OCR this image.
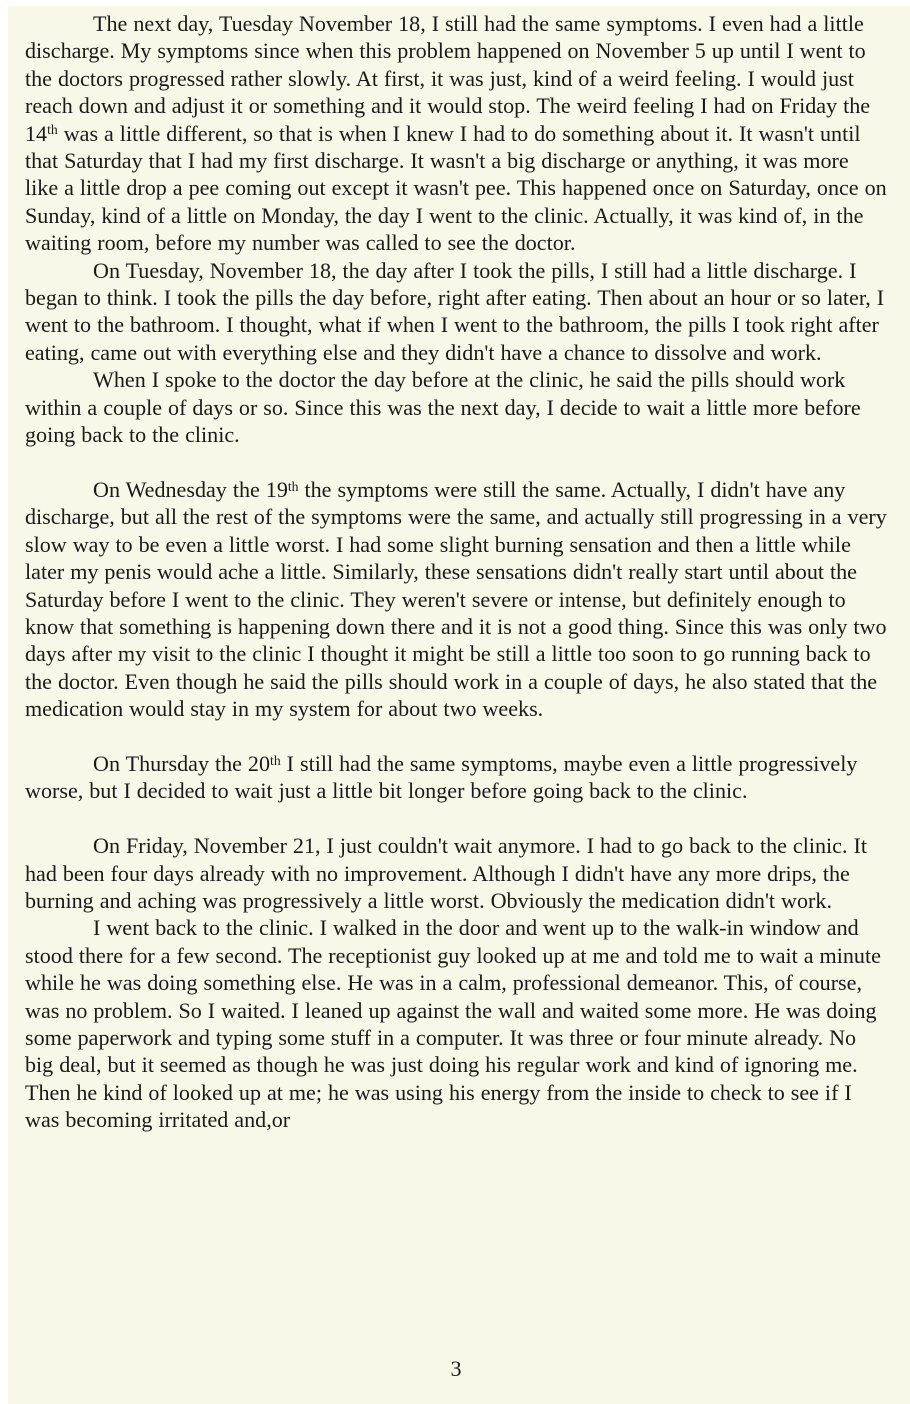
The next day, Tuesday November 18, I still had the same symptoms. I even had a little discharge. My symptoms since when this problem happened on November 5 up until I went to the doctors progressed rather slowly. At first, it was just, kind of a weird feeling. I would just reach down and adjust it or something and it would stop. The weird feeling I had on Friday the 14th was a little different, so that is when I knew I had to do something about it. It wasn't until that Saturday that I had my first discharge. It wasn't a big discharge or anything, it was more like a little drop a pee coming out except it wasn't pee. This happened once on Saturday, once on Sunday, kind of a little on Monday, the day I went to the clinic. Actually, it was kind of, in the waiting room, before my number was called to see the doctor.

On Tuesday, November 18, the day after I took the pills, I still had a little discharge. I began to think. I took the pills the day before, right after eating. Then about an hour or so later, I went to the bathroom. I thought, what if when I went to the bathroom, the pills I took right after eating, came out with everything else and they didn't have a chance to dissolve and work.

When I spoke to the doctor the day before at the clinic, he said the pills should work within a couple of days or so. Since this was the next day, I decide to wait a little more before going back to the clinic.

On Wednesday the 19th the symptoms were still the same. Actually, I didn't have any discharge, but all the rest of the symptoms were the same, and actually still progressing in a very slow way to be even a little worst. I had some slight burning sensation and then a little while later my penis would ache a little. Similarly, these sensations didn't really start until about the Saturday before I went to the clinic. They weren't severe or intense, but definitely enough to know that something is happening down there and it is not a good thing. Since this was only two days after my visit to the clinic I thought it might be still a little too soon to go running back to the doctor. Even though he said the pills should work in a couple of days, he also stated that the medication would stay in my system for about two weeks.

On Thursday the 20th I still had the same symptoms, maybe even a little progressively worse, but I decided to wait just a little bit longer before going back to the clinic.

On Friday, November 21, I just couldn't wait anymore. I had to go back to the clinic. It had been four days already with no improvement. Although I didn't have any more drips, the burning and aching was progressively a little worst. Obviously the medication didn't work.

I went back to the clinic. I walked in the door and went up to the walk-in window and stood there for a few second. The receptionist guy looked up at me and told me to wait a minute while he was doing something else. He was in a calm, professional demeanor. This, of course, was no problem. So I waited. I leaned up against the wall and waited some more. He was doing some paperwork and typing some stuff in a computer. It was three or four minute already. No big deal, but it seemed as though he was just doing his regular work and kind of ignoring me. Then he kind of looked up at me; he was using his energy from the inside to check to see if I was becoming irritated and,or

3
